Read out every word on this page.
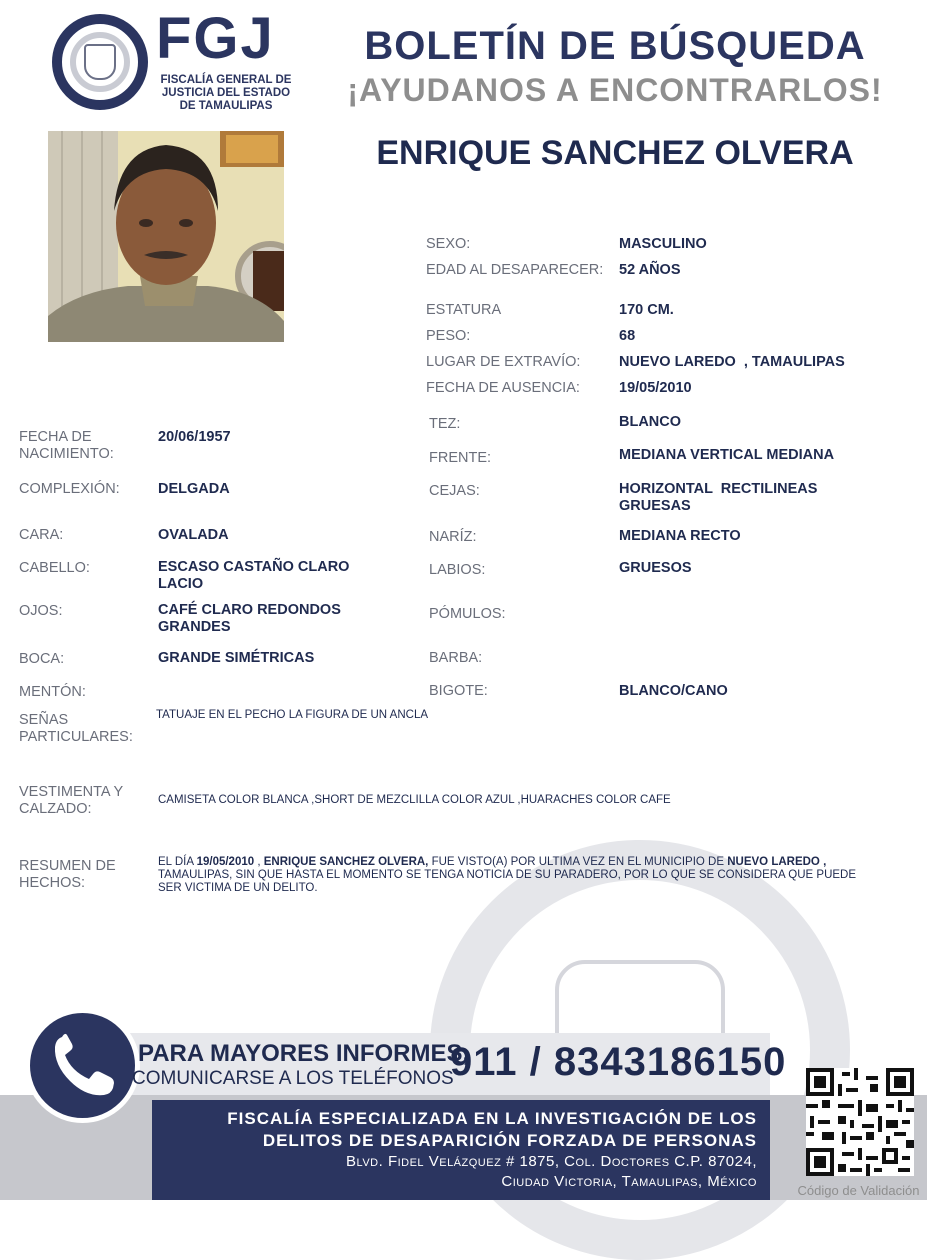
FGJ
FISCALÍA GENERAL DE
JUSTICIA DEL ESTADO
DE TAMAULIPAS
BOLETÍN DE BÚSQUEDA
¡AYUDANOS A ENCONTRARLOS!
ENRIQUE SANCHEZ OLVERA
SEXO:	MASCULINO
EDAD AL DESAPARECER: 52 AÑOS
ESTATURA	170 CM.
PESO:	68
LUGAR DE EXTRAVÍO:	NUEVO LAREDO  , TAMAULIPAS
FECHA DE AUSENCIA:	19/05/2010
TEZ:	BLANCO
FRENTE:	MEDIANA VERTICAL MEDIANA
CEJAS:	HORIZONTAL  RECTILINEAS GRUESAS
NARÍZ:	MEDIANA RECTO
LABIOS:	GRUESOS
PÓMULOS:
BARBA:
BIGOTE:	BLANCO/CANO
FECHA DE NACIMIENTO:
20/06/1957
COMPLEXIÓN:	DELGADA
CARA:	OVALADA
CABELLO:	ESCASO CASTAÑO CLARO LACIO
OJOS:	CAFÉ CLARO REDONDOS GRANDES
BOCA:	GRANDE SIMÉTRICAS
MENTÓN:
SEÑAS PARTICULARES:
TATUAJE EN EL PECHO LA FIGURA DE UN ANCLA
VESTIMENTA Y CALZADO:
CAMISETA COLOR BLANCA ,SHORT DE MEZCLILLA COLOR AZUL ,HUARACHES COLOR CAFE
RESUMEN DE HECHOS:
EL DÍA 19/05/2010 , ENRIQUE SANCHEZ OLVERA, FUE VISTO(A) POR ULTIMA VEZ EN EL MUNICIPIO DE NUEVO LAREDO , TAMAULIPAS, SIN QUE HASTA EL MOMENTO SE TENGA NOTICIA DE SU PARADERO, POR LO QUE SE CONSIDERA QUE PUEDE SER VICTIMA DE UN DELITO.
PARA MAYORES INFORMES,
COMUNICARSE A LOS TELÉFONOS
911 / 8343186150
FISCALÍA ESPECIALIZADA EN LA INVESTIGACIÓN DE LOS
DELITOS DE DESAPARICIÓN FORZADA DE PERSONAS
Blvd. Fidel Velázquez # 1875, Col. Doctores C.P. 87024,
Ciudad Victoria, Tamaulipas, México
Código de Validación
